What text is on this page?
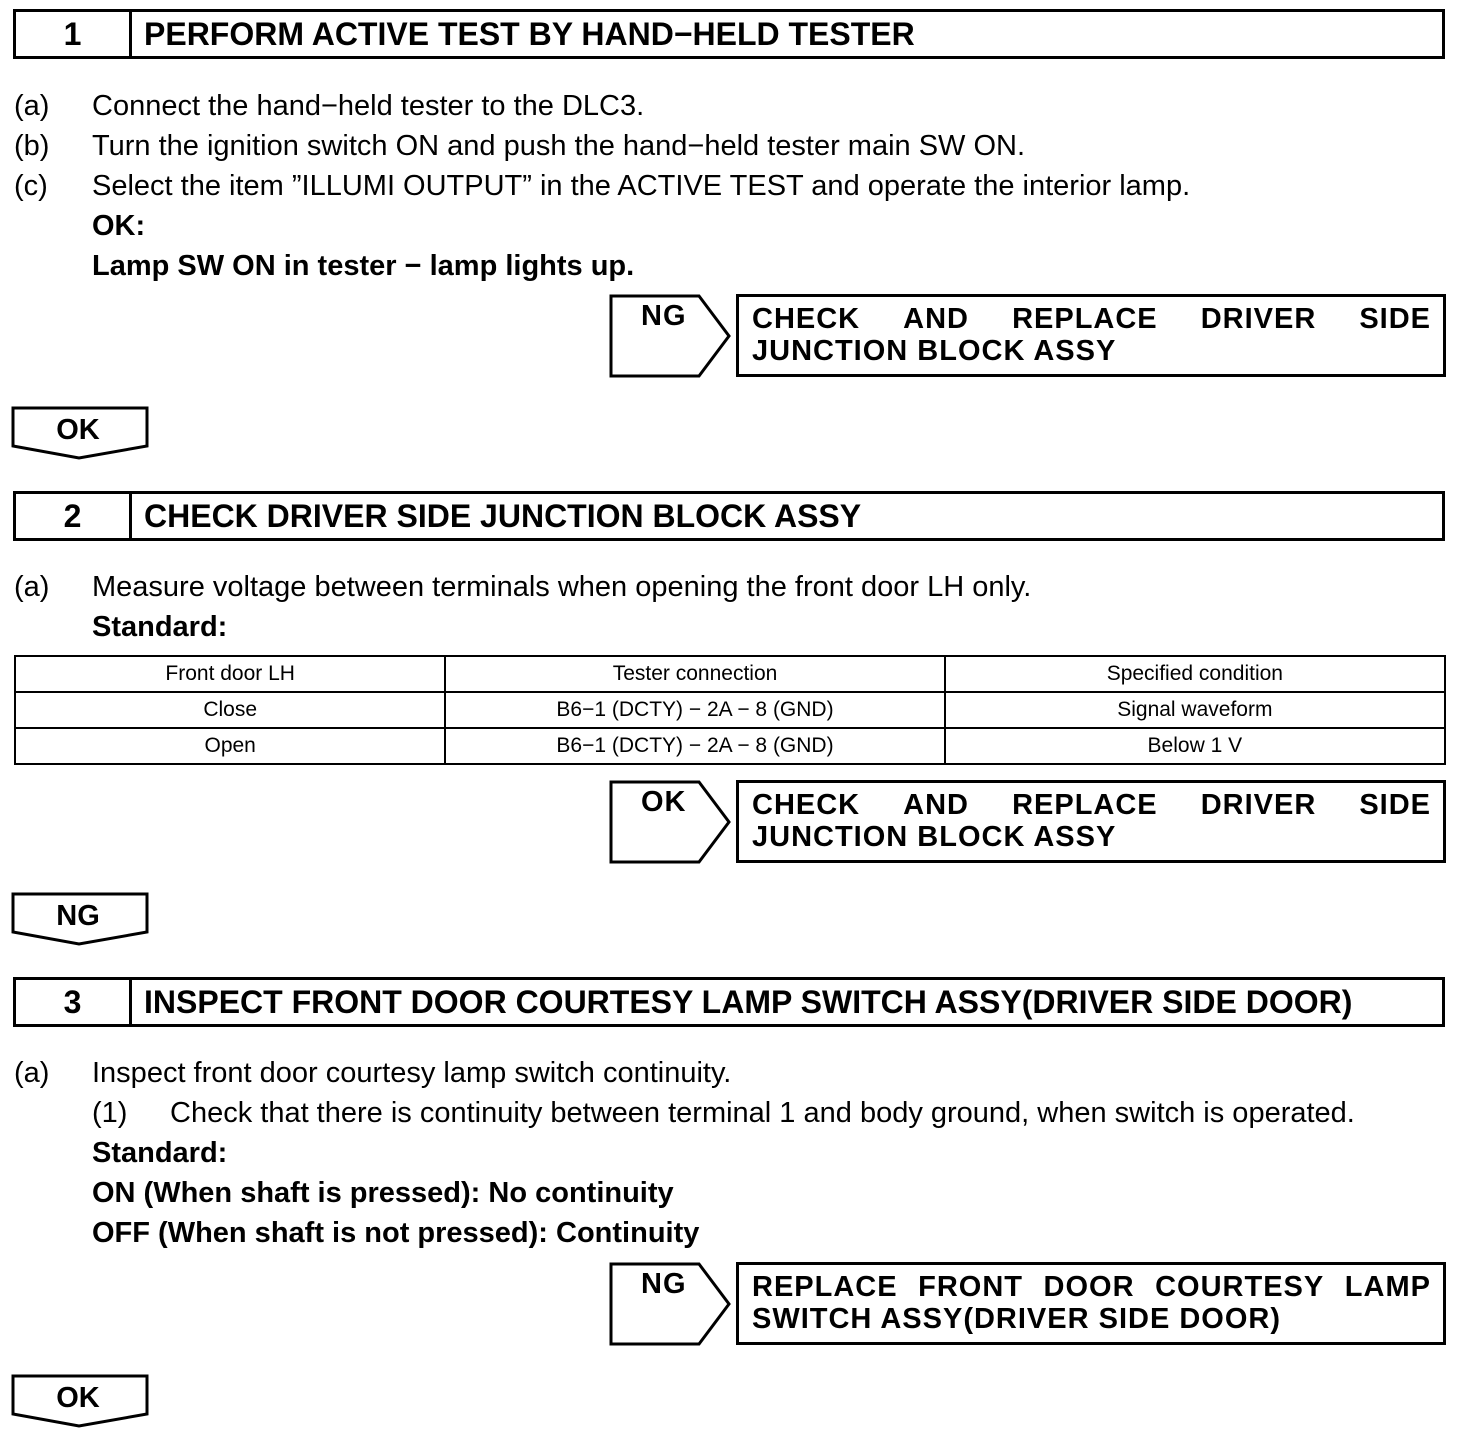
1	PERFORM ACTIVE TEST BY HAND−HELD TESTER
(a) Connect the hand−held tester to the DLC3.
(b) Turn the ignition switch ON and push the hand−held tester main SW ON.
(c) Select the item ”ILLUMI OUTPUT” in the ACTIVE TEST and operate the interior lamp.
OK:
Lamp SW ON in tester − lamp lights up.
NG CHECK AND REPLACE DRIVER SIDE
JUNCTION BLOCK ASSY
OK
2	CHECK DRIVER SIDE JUNCTION BLOCK ASSY
(a) Measure voltage between terminals when opening the front door LH only.
Standard:
Front door LH	Tester connection	Specified condition
Close	B6−1 (DCTY) − 2A − 8 (GND)	Signal waveform
Open	B6−1 (DCTY) − 2A − 8 (GND)	Below 1 V
OK CHECK AND REPLACE DRIVER SIDE
JUNCTION BLOCK ASSY
NG
3	INSPECT FRONT DOOR COURTESY LAMP SWITCH ASSY(DRIVER SIDE DOOR)
(a) Inspect front door courtesy lamp switch continuity.
(1) Check that there is continuity between terminal 1 and body ground, when switch is operated.
Standard:
ON (When shaft is pressed): No continuity
OFF (When shaft is not pressed): Continuity
NG REPLACE FRONT DOOR COURTESY LAMP
SWITCH ASSY(DRIVER SIDE DOOR)
OK
